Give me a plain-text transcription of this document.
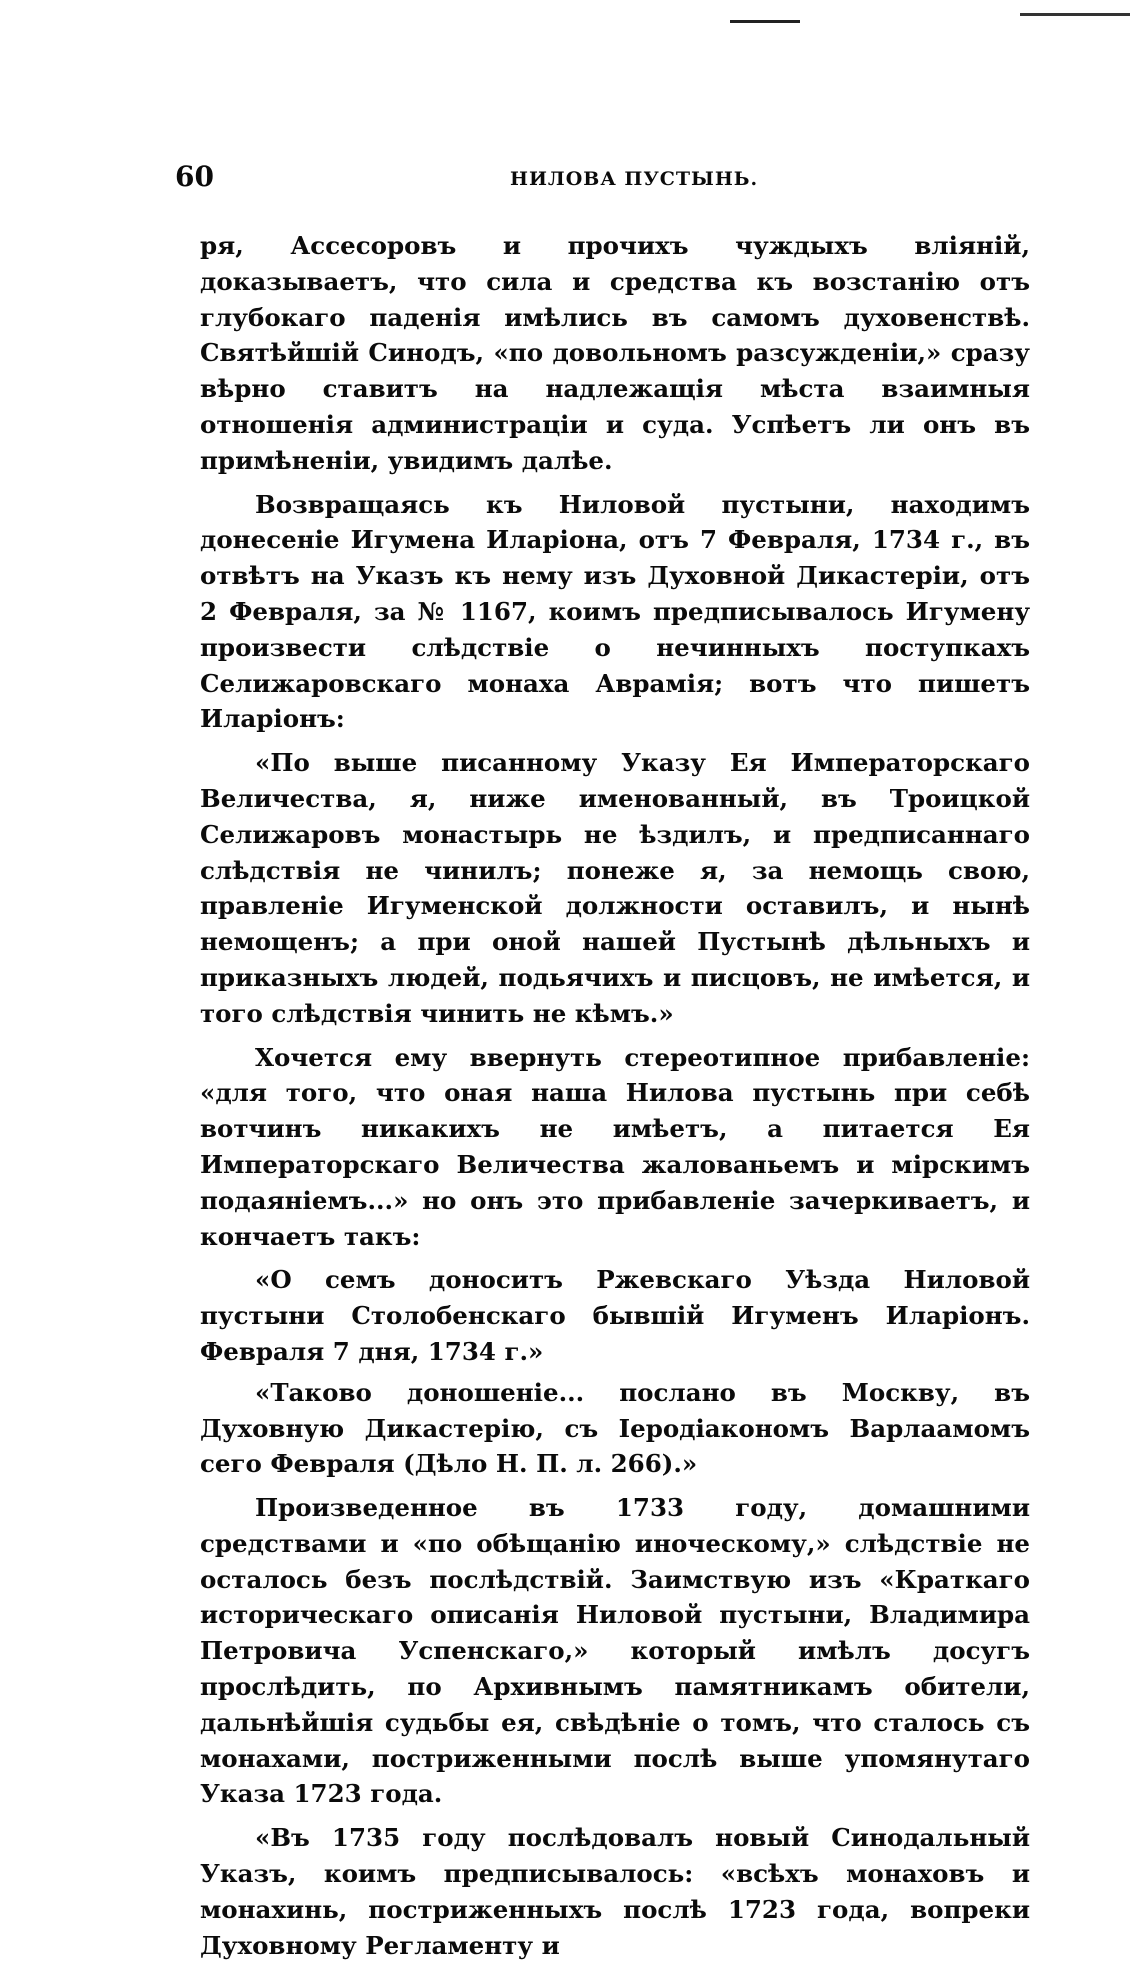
60	НИЛОВА ПУСТЫНЬ.

ря, Ассесоровъ и прочихъ чуждыхъ вліяній, доказываетъ, что сила и средства къ возстанію отъ глубокаго паденія имѣлись въ самомъ духовенствѣ. Святѣйшій Синодъ, «по довольномъ разсужденіи,» сразу вѣрно ставитъ на надлежащія мѣста взаимныя отношенія администраціи и суда. Успѣетъ ли онъ въ примѣненіи, увидимъ далѣе.

Возвращаясь къ Ниловой пустыни, находимъ донесеніе Игумена Иларіона, отъ 7 Февраля, 1734 г., въ отвѣтъ на Указъ къ нему изъ Духовной Дикастеріи, отъ 2 Февраля, за № 1167, коимъ предписывалось Игумену произвести слѣдствіе о нечинныхъ поступкахъ Селижаровскаго монаха Аврамія; вотъ что пишетъ Иларіонъ:

«По выше писанному Указу Ея Императорскаго Величества, я, ниже именованный, въ Троицкой Селижаровъ монастырь не ѣздилъ, и предписаннаго слѣдствія не чинилъ; понеже я, за немощь свою, правленіе Игуменской должности оставилъ, и нынѣ немощенъ; а при оной нашей Пустынѣ дѣльныхъ и приказныхъ людей, подьячихъ и писцовъ, не имѣется, и того слѣдствія чинить не кѣмъ.»

Хочется ему ввернуть стереотипное прибавленіе: «для того, что оная наша Нилова пустынь при себѣ вотчинъ никакихъ не имѣетъ, а питается Ея Императорскаго Величества жалованьемъ и мірскимъ подаяніемъ...» но онъ это прибавленіе зачеркиваетъ, и кончаетъ такъ:

«О семъ доноситъ Ржевскаго Уѣзда Ниловой пустыни Столобенскаго бывшій Игуменъ Иларіонъ. Февраля 7 дня, 1734 г.»

«Таково доношеніе... послано въ Москву, въ Духовную Дикастерію, съ Іеродіакономъ Варлаамомъ сего Февраля (Дѣло Н. П. л. 266).»

Произведенное въ 1733 году, домашними средствами и «по обѣщанію иноческому,» слѣдствіе не осталось безъ послѣдствій. Заимствую изъ «Краткаго историческаго описанія Ниловой пустыни, Владимира Петровича Успенскаго,» который имѣлъ досугъ прослѣдить, по Архивнымъ памятникамъ обители, дальнѣйшія судьбы ея, свѣдѣніе о томъ, что сталось съ монахами, постриженными послѣ выше упомянутаго Указа 1723 года.

«Въ 1735 году послѣдовалъ новый Синодальный Указъ, коимъ предписывалось: «всѣхъ монаховъ и монахинь, постриженныхъ послѣ 1723 года, вопреки Духовному Регламенту и
